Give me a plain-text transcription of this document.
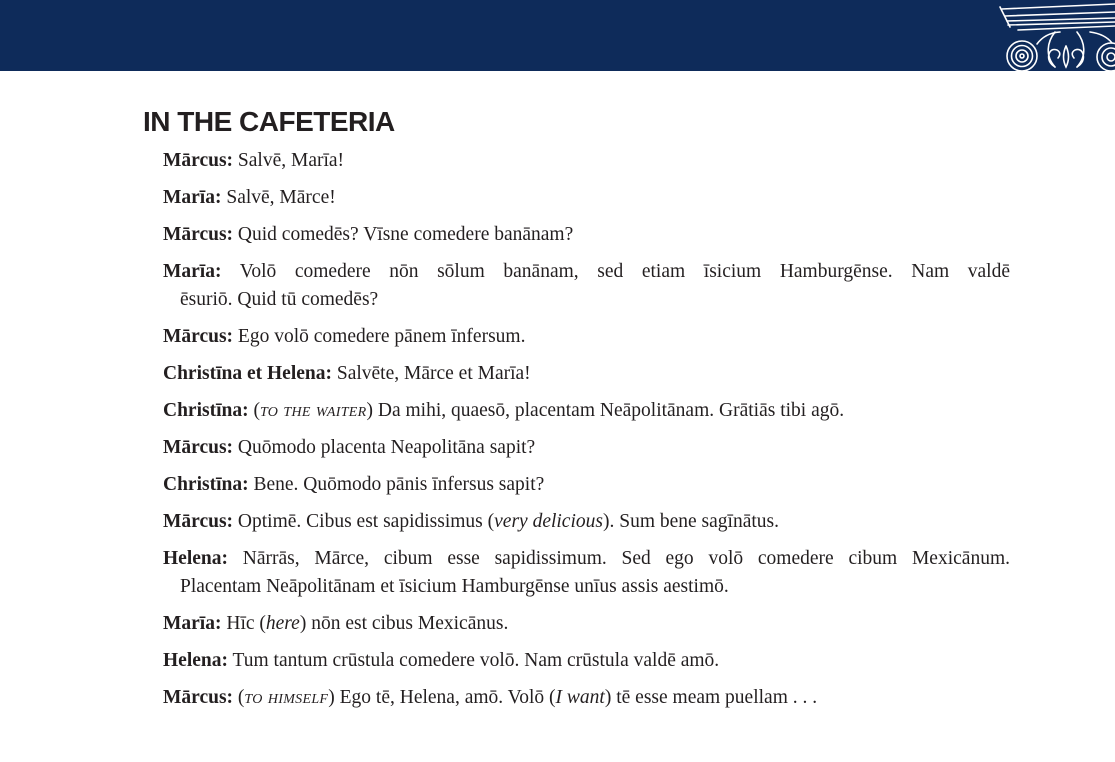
IN THE CAFETERIA

Mārcus: Salvē, Marīa!

Marīa: Salvē, Mārce!

Mārcus: Quid comedēs? Vīsne comedere banānam?

Marīa: Volō comedere nōn sōlum banānam, sed etiam īsicium Hamburgēnse. Nam valdē
ēsuriō. Quid tū comedēs?

Mārcus: Ego volō comedere pānem īnfersum.

Christīna et Helena: Salvēte, Mārce et Marīa!

Christīna: (to the waiter) Da mihi, quaesō, placentam Neāpolitānam. Grātiās tibi agō.

Mārcus: Quōmodo placenta Neapolitāna sapit?

Christīna: Bene. Quōmodo pānis īnfersus sapit?

Mārcus: Optimē. Cibus est sapidissimus (very delicious). Sum bene sagīnātus.

Helena: Nārrās, Mārce, cibum esse sapidissimum. Sed ego volō comedere cibum Mexicānum.
Placentam Neāpolitānam et īsicium Hamburgēnse unīus assis aestimō.

Marīa: Hīc (here) nōn est cibus Mexicānus.

Helena: Tum tantum crūstula comedere volō. Nam crūstula valdē amō.

Mārcus: (to himself) Ego tē, Helena, amō. Volō (I want) tē esse meam puellam . . .
